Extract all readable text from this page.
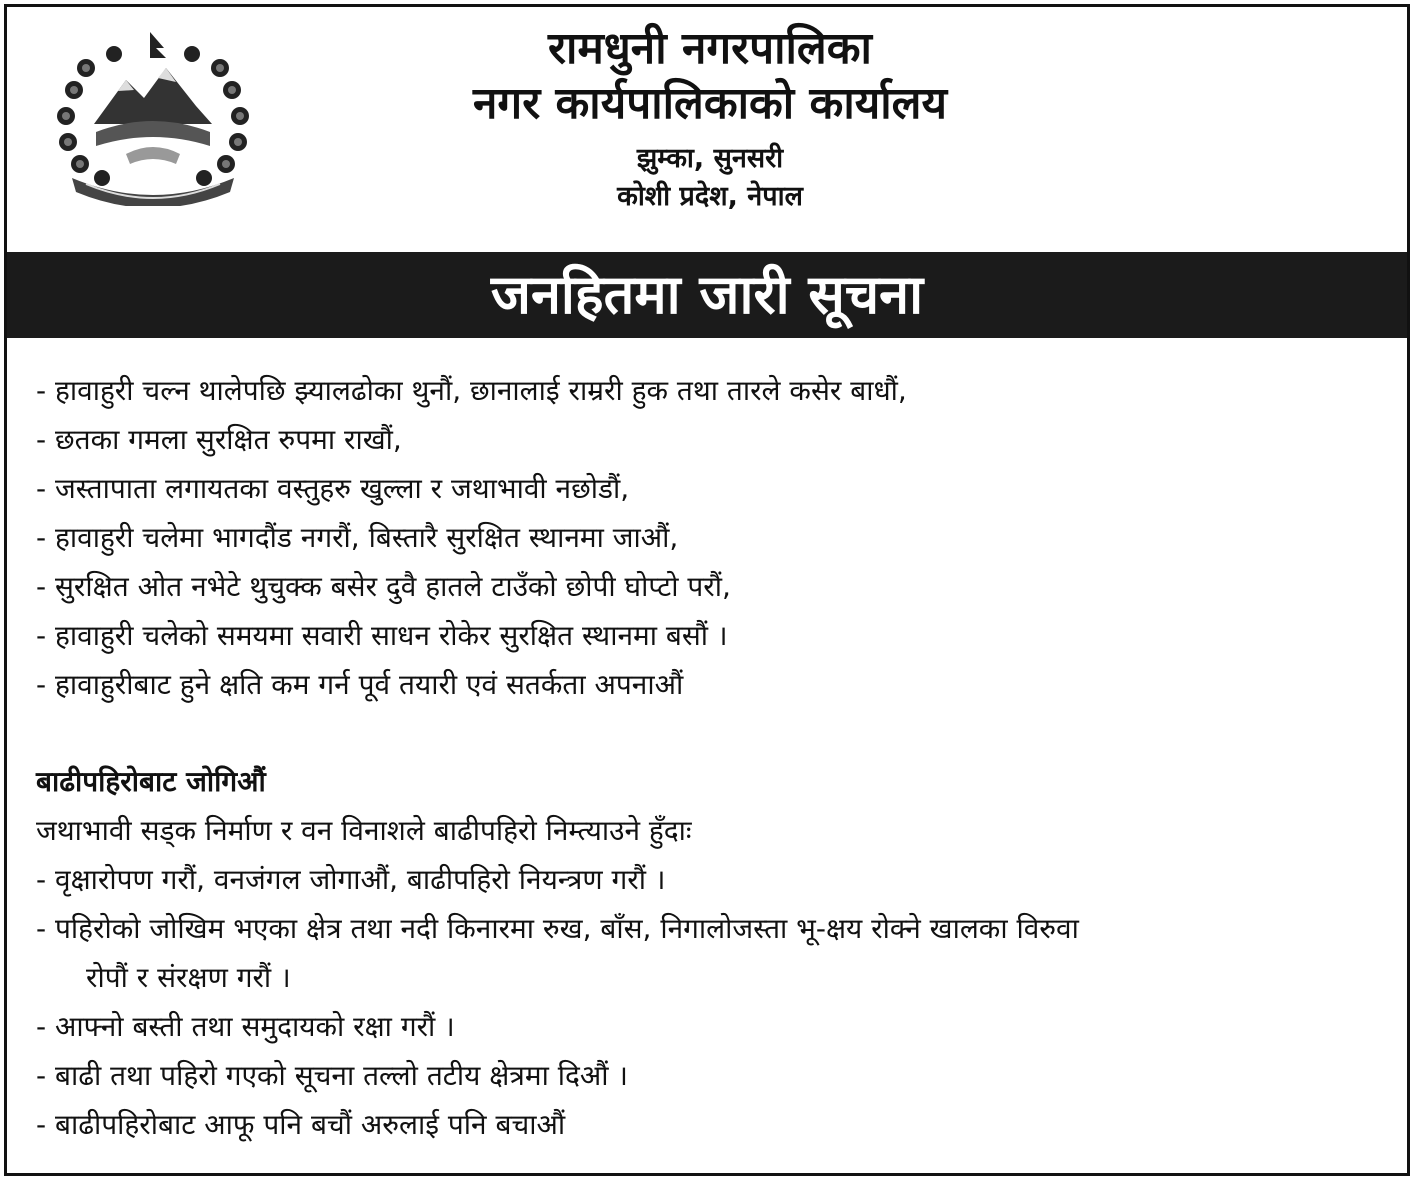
रामधुनी नगरपालिका

नगर कार्यपालिकाको कार्यालय

झुम्का, सुनसरी

कोशी प्रदेश, नेपाल

जनहितमा जारी सूचना

- हावाहुरी चल्न थालेपछि झ्यालढोका थुनौं, छानालाई राम्ररी हुक तथा तारले कसेर बाधौं,

- छतका गमला सुरक्षित रुपमा राखौं,

- जस्तापाता लगायतका वस्तुहरु खुल्ला र जथाभावी नछोडौं,

- हावाहुरी चलेमा भागदौंड नगरौं, बिस्तारै सुरक्षित स्थानमा जाऔं,

- सुरक्षित ओत नभेटे थुचुक्क बसेर दुवै हातले टाउँको छोपी घोप्टो परौं,

- हावाहुरी चलेको समयमा सवारी साधन रोकेर सुरक्षित स्थानमा बसौं ।

- हावाहुरीबाट हुने क्षति कम गर्न पूर्व तयारी एवं सतर्कता अपनाऔं

बाढीपहिरोबाट जोगिऔं

जथाभावी सड्क निर्माण र वन विनाशले बाढीपहिरो निम्त्याउने हुँदाः

- वृक्षारोपण गरौं, वनजंगल जोगाऔं, बाढीपहिरो नियन्त्रण गरौं ।

- पहिरोको जोखिम भएका क्षेत्र तथा नदी किनारमा रुख, बाँस, निगालोजस्ता भू-क्षय रोक्ने खालका विरुवा

रोपौं र संरक्षण गरौं ।

- आफ्नो बस्ती तथा समुदायको रक्षा गरौं ।

- बाढी तथा पहिरो गएको सूचना तल्लो तटीय क्षेत्रमा दिऔं ।

- बाढीपहिरोबाट आफू पनि बचौं अरुलाई पनि बचाऔं
